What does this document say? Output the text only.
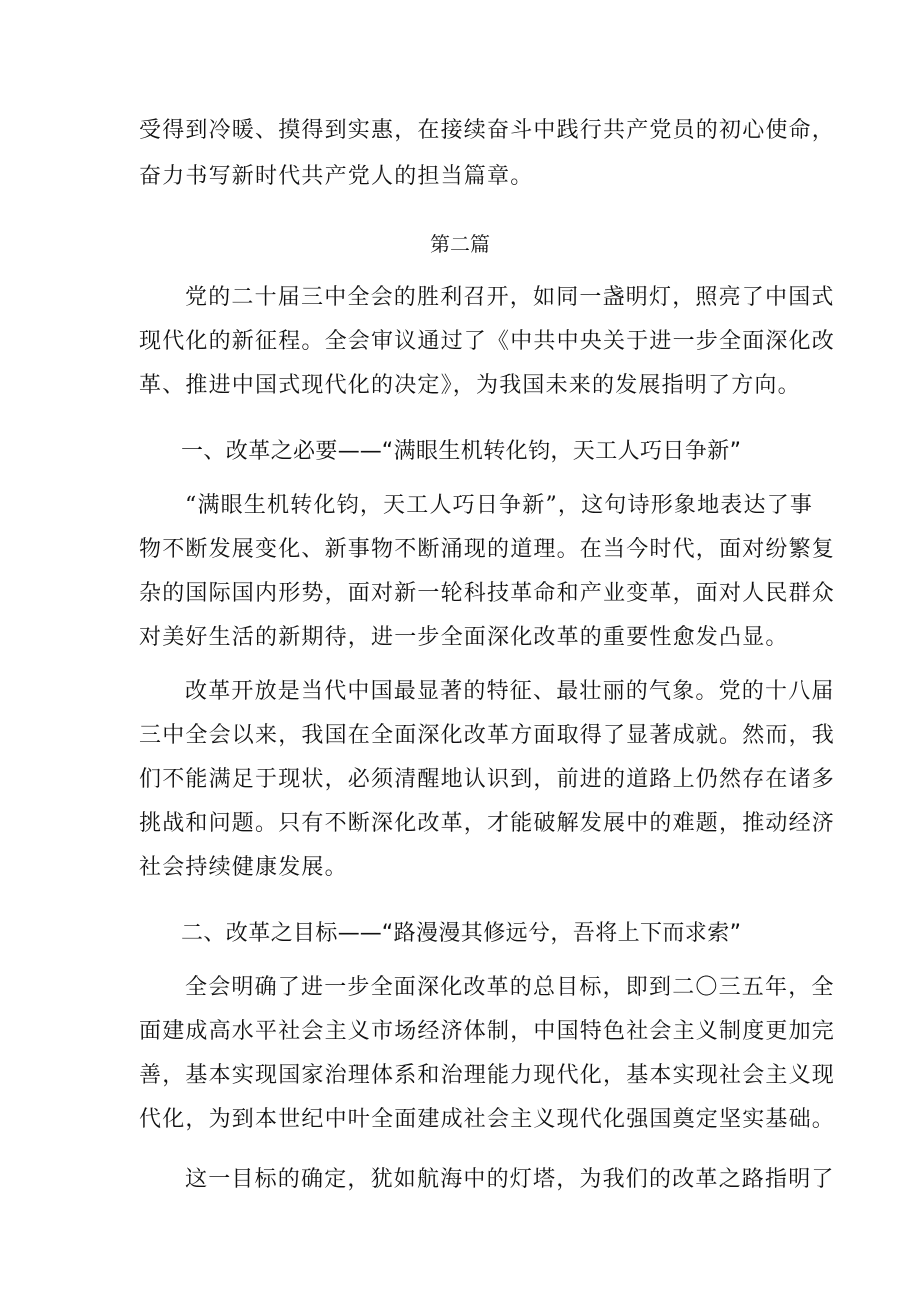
受得到冷暖、摸得到实惠，在接续奋斗中践行共产党员的初心使命，
奋力书写新时代共产党人的担当篇章。
第二篇
党的二十届三中全会的胜利召开，如同一盏明灯，照亮了中国式
现代化的新征程。全会审议通过了《中共中央关于进一步全面深化改
革、推进中国式现代化的决定》，为我国未来的发展指明了方向。
一、改革之必要——“满眼生机转化钧，天工人巧日争新”
“满眼生机转化钧，天工人巧日争新”，这句诗形象地表达了事
物不断发展变化、新事物不断涌现的道理。在当今时代，面对纷繁复
杂的国际国内形势，面对新一轮科技革命和产业变革，面对人民群众
对美好生活的新期待，进一步全面深化改革的重要性愈发凸显。
改革开放是当代中国最显著的特征、最壮丽的气象。党的十八届
三中全会以来，我国在全面深化改革方面取得了显著成就。然而，我
们不能满足于现状，必须清醒地认识到，前进的道路上仍然存在诸多
挑战和问题。只有不断深化改革，才能破解发展中的难题，推动经济
社会持续健康发展。
二、改革之目标——“路漫漫其修远兮，吾将上下而求索”
全会明确了进一步全面深化改革的总目标，即到二〇三五年，全
面建成高水平社会主义市场经济体制，中国特色社会主义制度更加完
善，基本实现国家治理体系和治理能力现代化，基本实现社会主义现
代化，为到本世纪中叶全面建成社会主义现代化强国奠定坚实基础。
这一目标的确定，犹如航海中的灯塔，为我们的改革之路指明了
